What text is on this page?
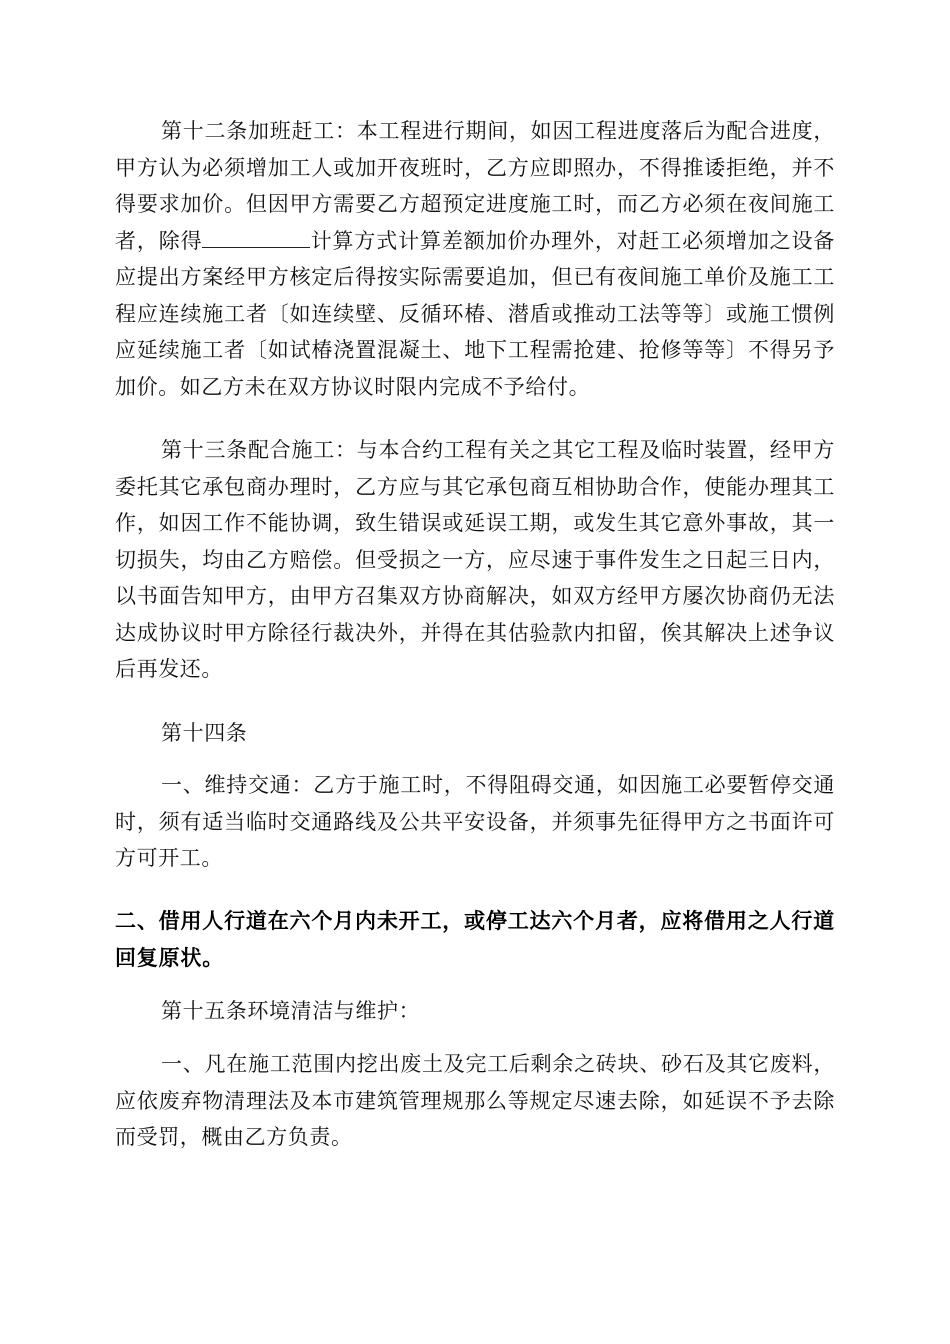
第十二条加班赶工：本工程进行期间，如因工程进度落后为配合进度，甲方认为必须增加工人或加开夜班时，乙方应即照办，不得推诿拒绝，并不得要求加价。但因甲方需要乙方超预定进度施工时，而乙方必须在夜间施工者，除得	计算方式计算差额加价办理外，对赶工必须增加之设备应提出方案经甲方核定后得按实际需要追加，但已有夜间施工单价及施工工程应连续施工者〔如连续壁、反循环椿、潜盾或推动工法等等〕或施工惯例应延续施工者〔如试椿浇置混凝土、地下工程需抢建、抢修等等〕不得另予加价。如乙方未在双方协议时限内完成不予给付。

第十三条配合施工：与本合约工程有关之其它工程及临时装置，经甲方委托其它承包商办理时，乙方应与其它承包商互相协助合作，使能办理其工作，如因工作不能协调，致生错误或延误工期，或发生其它意外事故，其一切损失，均由乙方赔偿。但受损之一方，应尽速于事件发生之日起三日内，以书面告知甲方，由甲方召集双方协商解决，如双方经甲方屡次协商仍无法达成协议时甲方除径行裁决外，并得在其估验款内扣留，俟其解决上述争议后再发还。

第十四条

一、维持交通：乙方于施工时，不得阻碍交通，如因施工必要暂停交通时，须有适当临时交通路线及公共平安设备，并须事先征得甲方之书面许可方可开工。

二、借用人行道在六个月内未开工，或停工达六个月者，应将借用之人行道回复原状。

第十五条环境清洁与维护：

一、凡在施工范围内挖出废土及完工后剩余之砖块、砂石及其它废料，应依废弃物清理法及本市建筑管理规那么等规定尽速去除，如延误不予去除而受罚，概由乙方负责。
